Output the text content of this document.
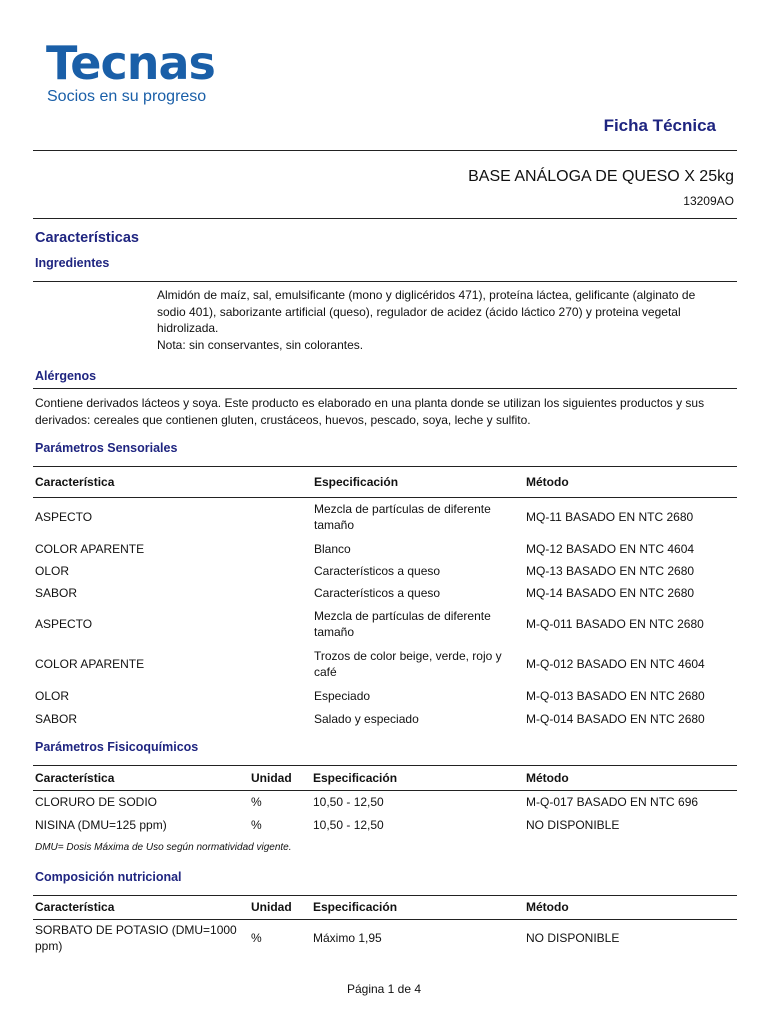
Tecnas
Socios en su progreso
Ficha Técnica
BASE ANÁLOGA DE QUESO X 25kg
13209AO
Características
Ingredientes
Almidón de maíz, sal, emulsificante (mono y diglicéridos 471), proteína láctea, gelificante (alginato de
sodio 401), saborizante artificial (queso), regulador de acidez (ácido láctico 270) y proteina vegetal
hidrolizada.
Nota: sin conservantes, sin colorantes.
Alérgenos
Contiene derivados lácteos y soya. Este producto es elaborado en una planta donde se utilizan los siguientes productos y sus
derivados: cereales que contienen gluten, crustáceos, huevos, pescado, soya, leche y sulfito.
Parámetros Sensoriales
Característica	Especificación	Método
ASPECTO	Mezcla de partículas de diferente tamaño	MQ-11 BASADO EN NTC 2680
COLOR APARENTE	Blanco	MQ-12 BASADO EN NTC 4604
OLOR	Característicos a queso	MQ-13 BASADO EN NTC 2680
SABOR	Característicos a queso	MQ-14 BASADO EN NTC 2680
ASPECTO	Mezcla de partículas de diferente tamaño	M-Q-011 BASADO EN NTC 2680
COLOR APARENTE	Trozos de color beige, verde, rojo y café	M-Q-012 BASADO EN NTC 4604
OLOR	Especiado	M-Q-013 BASADO EN NTC 2680
SABOR	Salado y especiado	M-Q-014 BASADO EN NTC 2680
Parámetros Fisicoquímicos
Característica	Unidad	Especificación	Método
CLORURO DE SODIO	%	10,50 - 12,50	M-Q-017 BASADO EN NTC 696
NISINA (DMU=125 ppm)	%	10,50 - 12,50	NO DISPONIBLE
DMU= Dosis Máxima de Uso según normatividad vigente.
Composición nutricional
Característica	Unidad	Especificación	Método
SORBATO DE POTASIO (DMU=1000 ppm)	%	Máximo 1,95	NO DISPONIBLE
Página 1 de 4
